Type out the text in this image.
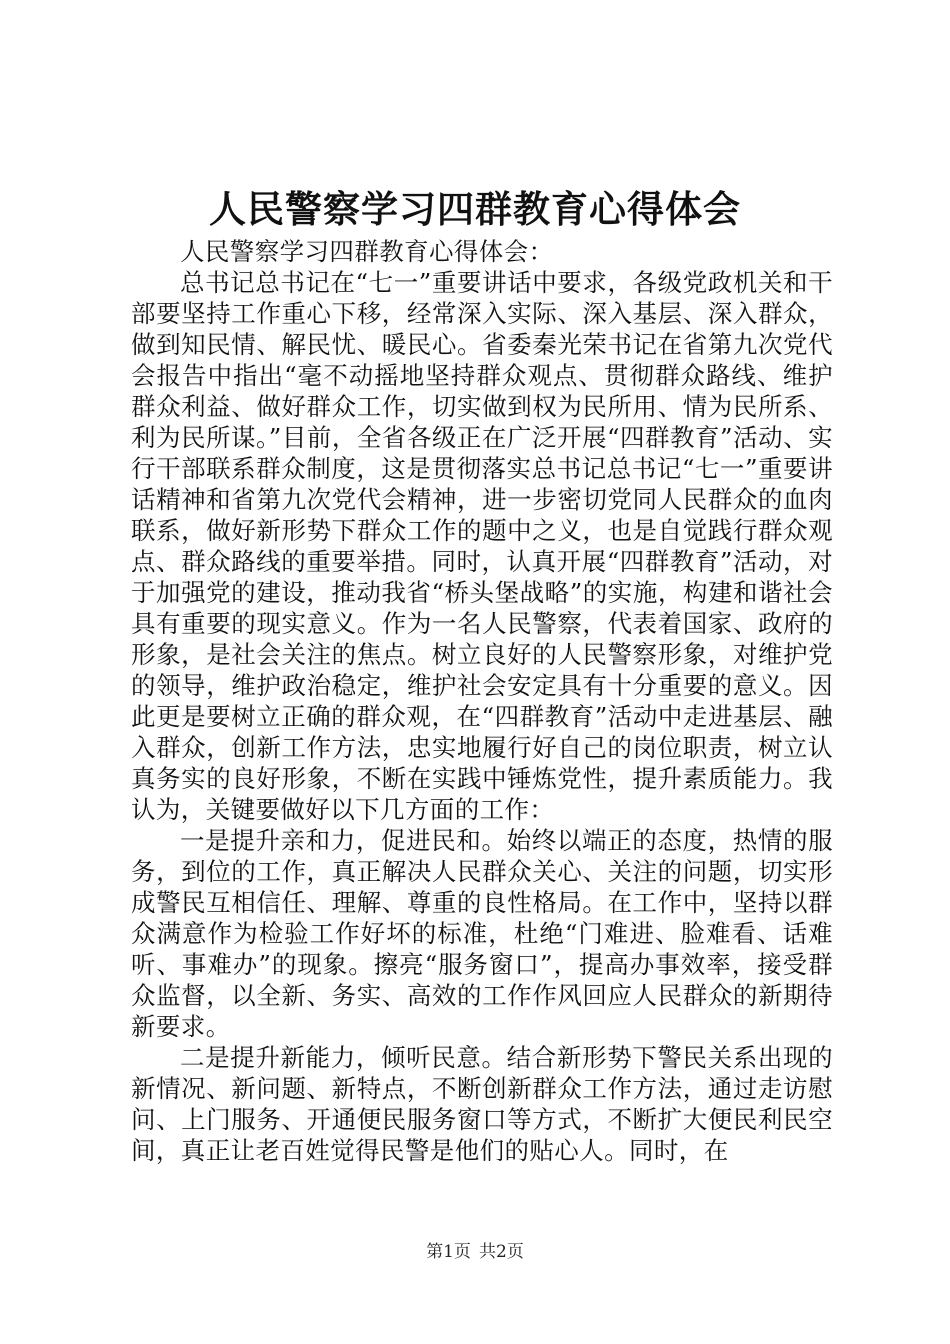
人民警察学习四群教育心得体会

人民警察学习四群教育心得体会：

总书记总书记在“七一”重要讲话中要求，各级党政机关和干部要坚持工作重心下移，经常深入实际、深入基层、深入群众，做到知民情、解民忧、暖民心。省委秦光荣书记在省第九次党代会报告中指出“毫不动摇地坚持群众观点、贯彻群众路线、维护群众利益、做好群众工作，切实做到权为民所用、情为民所系、利为民所谋。”目前，全省各级正在广泛开展“四群教育”活动、实行干部联系群众制度，这是贯彻落实总书记总书记“七一”重要讲话精神和省第九次党代会精神，进一步密切党同人民群众的血肉联系，做好新形势下群众工作的题中之义，也是自觉践行群众观点、群众路线的重要举措。同时，认真开展“四群教育”活动，对于加强党的建设，推动我省“桥头堡战略”的实施，构建和谐社会具有重要的现实意义。作为一名人民警察，代表着国家、政府的形象，是社会关注的焦点。树立良好的人民警察形象，对维护党的领导，维护政治稳定，维护社会安定具有十分重要的意义。因此更是要树立正确的群众观，在“四群教育”活动中走进基层、融入群众，创新工作方法，忠实地履行好自己的岗位职责，树立认真务实的良好形象，不断在实践中锤炼党性，提升素质能力。我认为，关键要做好以下几方面的工作：

一是提升亲和力，促进民和。始终以端正的态度，热情的服务，到位的工作，真正解决人民群众关心、关注的问题，切实形成警民互相信任、理解、尊重的良性格局。在工作中，坚持以群众满意作为检验工作好坏的标准，杜绝“门难进、脸难看、话难听、事难办”的现象。擦亮“服务窗口”，提高办事效率，接受群众监督，以全新、务实、高效的工作作风回应人民群众的新期待新要求。

二是提升新能力，倾听民意。结合新形势下警民关系出现的新情况、新问题、新特点，不断创新群众工作方法，通过走访慰问、上门服务、开通便民服务窗口等方式，不断扩大便民利民空间，真正让老百姓觉得民警是他们的贴心人。同时，在

第1页 共2页
